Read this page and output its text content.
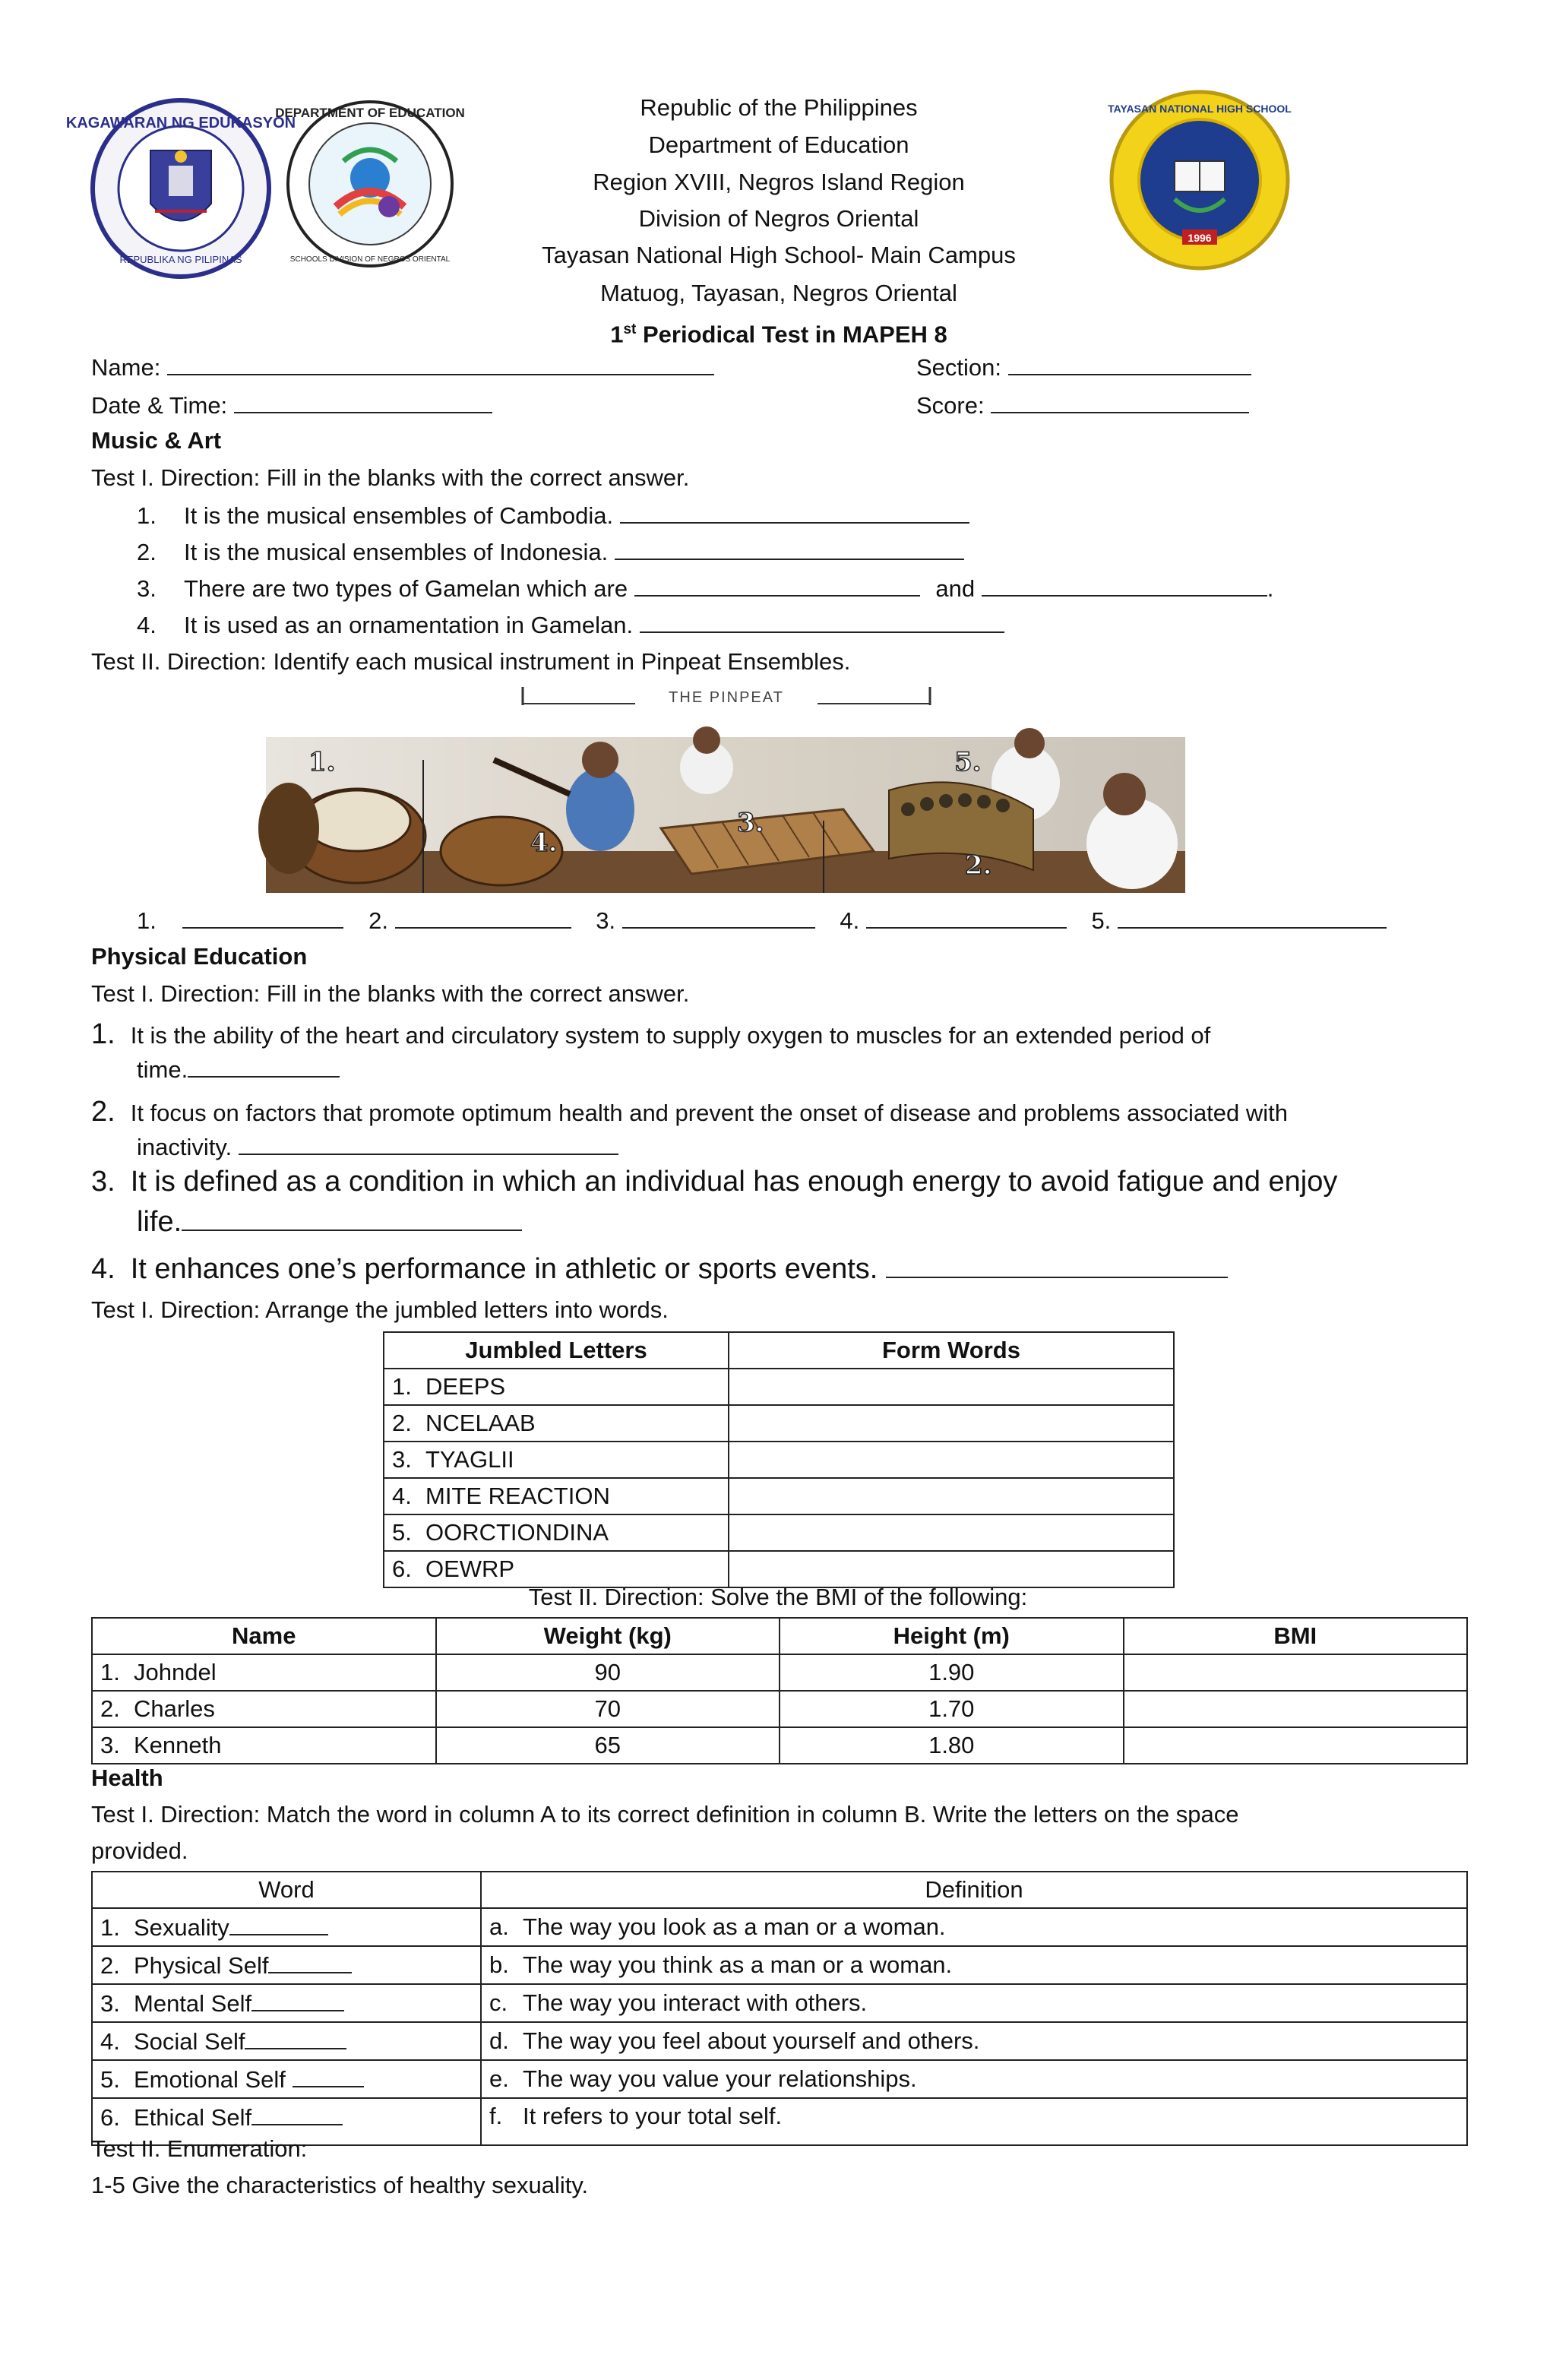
KAGAWARAN NG EDUKASYON
REPUBLIKA NG PILIPINAS
DEPARTMENT OF EDUCATION
SCHOOLS DIVISION OF NEGROS ORIENTAL
TAYASAN NATIONAL HIGH SCHOOL
1996
Republic of the Philippines
Department of Education
Region XVIII, Negros Island Region
Division of Negros Oriental
Tayasan National High School- Main Campus
Matuog, Tayasan, Negros Oriental
1st Periodical Test in MAPEH 8
Name:	Section:
Date & Time:	Score:
Music & Art
Test I. Direction: Fill in the blanks with the correct answer.
1. It is the musical ensembles of Cambodia.
2. It is the musical ensembles of Indonesia.
3. There are two types of Gamelan which are	and	.
4. It is used as an ornamentation in Gamelan.
Test II. Direction: Identify each musical instrument in Pinpeat Ensembles.
THE PINPEAT
1.
4.
3.
5.
2.
1.	2.	3.	4.	5.
Physical Education
Test I. Direction: Fill in the blanks with the correct answer.
1. It is the ability of the heart and circulatory system to supply oxygen to muscles for an extended period of
time.
2. It focus on factors that promote optimum health and prevent the onset of disease and problems associated with
inactivity.
3. It is defined as a condition in which an individual has enough energy to avoid fatigue and enjoy
life.
4. It enhances one’s performance in athletic or sports events.
Test I. Direction: Arrange the jumbled letters into words.
Jumbled Letters	Form Words
1. DEEPS	
2. NCELAAB	
3. TYAGLII	
4. MITE REACTION	
5. OORCTIONDINA	
6. OEWRP	
Test II. Direction: Solve the BMI of the following:
Name	Weight (kg)	Height (m)	BMI
1. Johndel	90	1.90	
2. Charles	70	1.70	
3. Kenneth	65	1.80	
Health
Test I. Direction: Match the word in column A to its correct definition in column B. Write the letters on the space
provided.
Word	Definition
1. Sexuality	a. The way you look as a man or a woman.
2. Physical Self	b. The way you think as a man or a woman.
3. Mental Self	c. The way you interact with others.
4. Social Self	d. The way you feel about yourself and others.
5. Emotional Self	e. The way you value your relationships.
6. Ethical Self	f. It refers to your total self.
Test II. Enumeration:
1-5 Give the characteristics of healthy sexuality.
